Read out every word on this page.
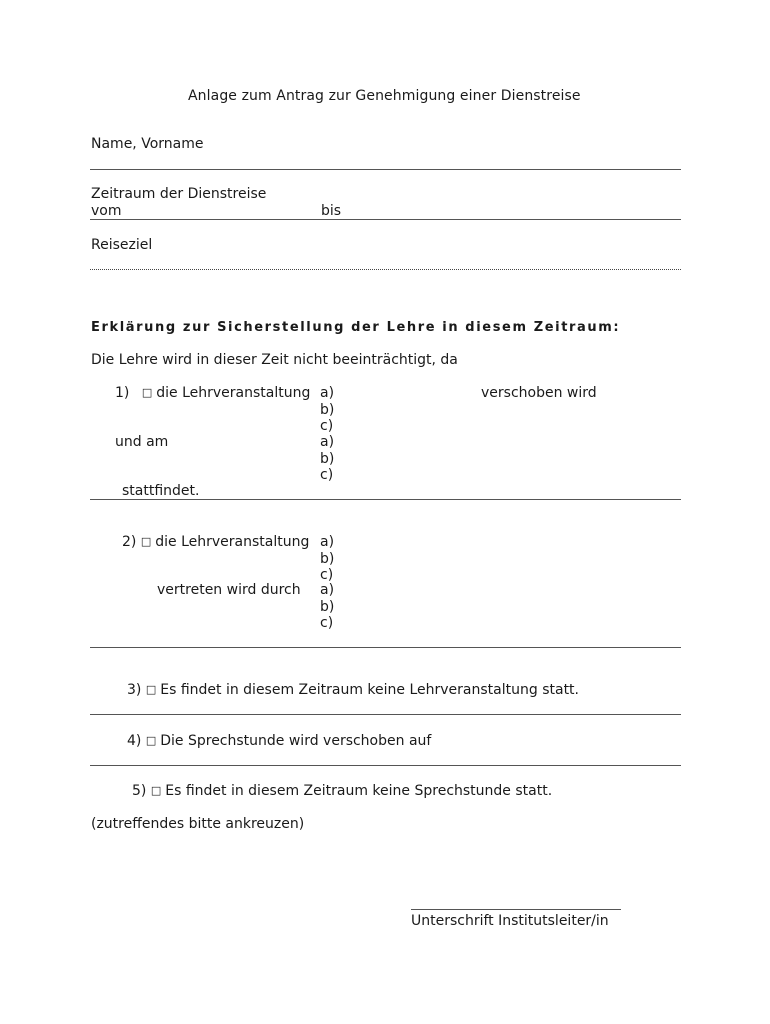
Anlage zum Antrag zur Genehmigung einer Dienstreise
Name, Vorname
Zeitraum der Dienstreise
vom	bis
Reiseziel
Erklärung zur Sicherstellung der Lehre in diesem Zeitraum:
Die Lehre wird in dieser Zeit nicht beeinträchtigt, da
1) □ die Lehrveranstaltung a)
b)
c)
verschoben wird
und am	a)
b)
c)
stattfindet.
2) □ die Lehrveranstaltung a)
b)
c)
vertreten wird durch a)
b)
c)
3) □ Es findet in diesem Zeitraum keine Lehrveranstaltung statt.
4) □ Die Sprechstunde wird verschoben auf
5) □ Es findet in diesem Zeitraum keine Sprechstunde statt.
(zutreffendes bitte ankreuzen)
Unterschrift Institutsleiter/in
